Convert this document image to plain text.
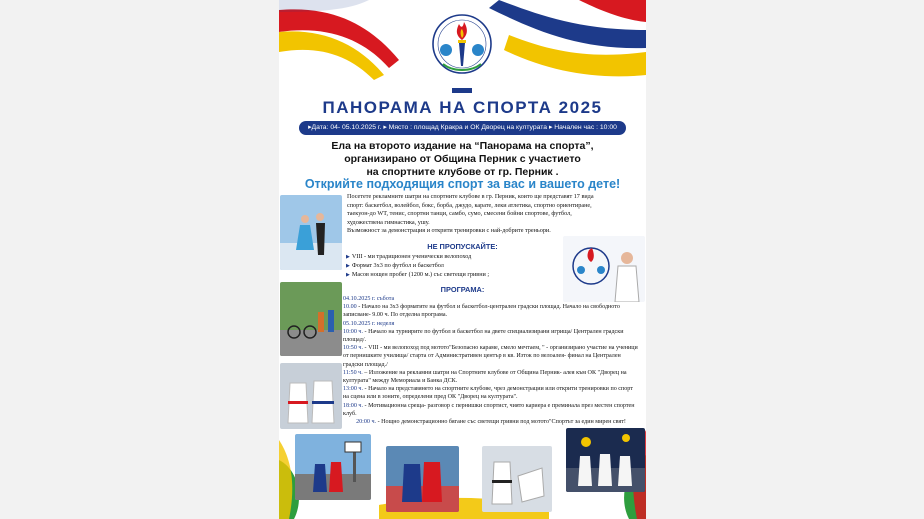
ПАНОРАМА НА СПОРТА 2025
▸Дата: 04- 05.10.2025 г. ▸ Място : площад Кракра и ОК Дворец на културата ▸ Начален час : 10:00
Ела на второто издание на “Панорама на спорта”,
организирано от Община Перник с участието
на спортните клубове от гр. Перник .
Открийте подходящия спорт за вас и вашето дете!
Посетете рекламните шатри на спортните клубове в гр. Перник, които ще представят 17 вида
спорт: баскетбол, волейбол, бокс, борба, джудо, карате, леки атлетика, спортно ориентиране,
таекуон-до WT, тенис, спортни танци, самбо, сумо, смесени бойни спортове, футбол,
художествена гимнастика, ушу.
Възможност за демонстрация и открити тренировки с най-добрите треньори.
НЕ ПРОПУСКАЙТЕ:
▶ VIII - ми традиционен ученически велопоход
▶ Формат 3x3 по футбол и баскетбол
▶ Масов нощен пробег (1200 м.) със светещи гривни ;
ПРОГРАМА:
04.10.2025 г. събота
10.00 - Начало на 3x3 форматите на футбол и баскетбол-централен градски площад. Начало на свободното записване- 9.00 ч. По отделна програма.
05.10.2025 г. неделя
10:00 ч. - Начало на турнирите по футбол и баскетбол на двете специализирани игрища/ Централен градски площад/.
10:50 ч. - VIII - ми велопоход под мотото"Безопасно караме, смело мечтаем, " - организирано участие на ученици от пернишките училища/ старта от Административен център в кв. Изток по велоалея- финал на Централен градски площад./
11:50 ч. – Изложение на рекламни шатри на Спортните клубове от Община Перник- алея към ОК "Дворец на културата" между Мемориала и Банка ДСК.
13:00 ч. - Начало на представянето на спортните клубове, чрез демонстрации или открити тренировки по спорт на сцена или в зоните, определени пред ОК "Дворец на културата".
18:00 ч. - Мотивационна среща- разговор с пернишки спортист, чиято кариера е преминала през местен спортен клуб.
20:00 ч. - Нощно демонстрационно бягане със светещи гривни под мотото"Спортът за един мирен свят!
